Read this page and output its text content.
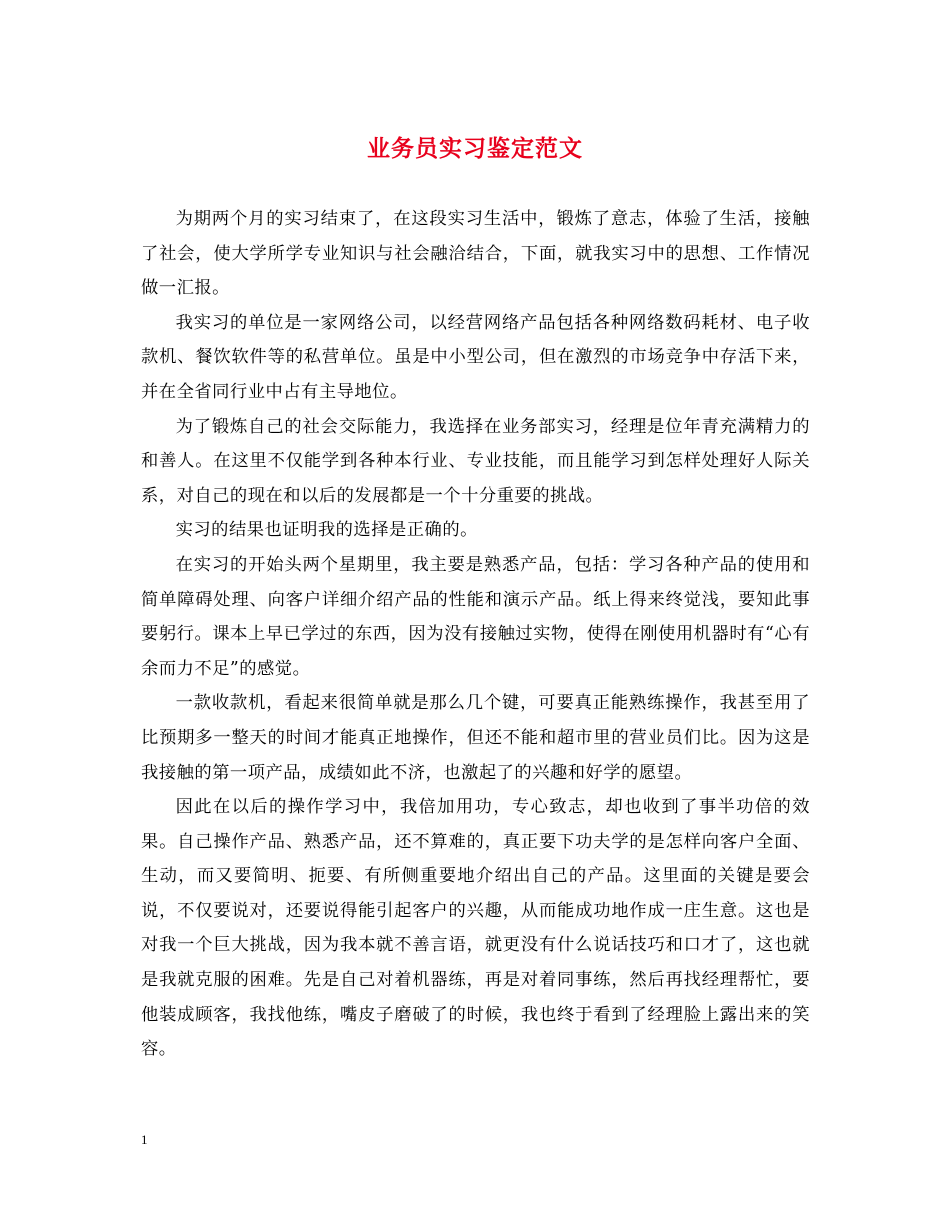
业务员实习鉴定范文

为期两个月的实习结束了，在这段实习生活中，锻炼了意志，体验了生活，接触了社会，使大学所学专业知识与社会融洽结合，下面，就我实习中的思想、工作情况做一汇报。

我实习的单位是一家网络公司，以经营网络产品包括各种网络数码耗材、电子收款机、餐饮软件等的私营单位。虽是中小型公司，但在激烈的市场竞争中存活下来，并在全省同行业中占有主导地位。

为了锻炼自己的社会交际能力，我选择在业务部实习，经理是位年青充满精力的和善人。在这里不仅能学到各种本行业、专业技能，而且能学习到怎样处理好人际关系，对自己的现在和以后的发展都是一个十分重要的挑战。

实习的结果也证明我的选择是正确的。

在实习的开始头两个星期里，我主要是熟悉产品，包括：学习各种产品的使用和简单障碍处理、向客户详细介绍产品的性能和演示产品。纸上得来终觉浅，要知此事要躬行。课本上早已学过的东西，因为没有接触过实物，使得在刚使用机器时有“心有余而力不足”的感觉。

一款收款机，看起来很简单就是那么几个键，可要真正能熟练操作，我甚至用了比预期多一整天的时间才能真正地操作，但还不能和超市里的营业员们比。因为这是我接触的第一项产品，成绩如此不济，也激起了的兴趣和好学的愿望。

因此在以后的操作学习中，我倍加用功，专心致志，却也收到了事半功倍的效果。自己操作产品、熟悉产品，还不算难的，真正要下功夫学的是怎样向客户全面、生动，而又要简明、扼要、有所侧重要地介绍出自己的产品。这里面的关键是要会说，不仅要说对，还要说得能引起客户的兴趣，从而能成功地作成一庄生意。这也是对我一个巨大挑战，因为我本就不善言语，就更没有什么说话技巧和口才了，这也就是我就克服的困难。先是自己对着机器练，再是对着同事练，然后再找经理帮忙，要他装成顾客，我找他练，嘴皮子磨破了的时候，我也终于看到了经理脸上露出来的笑容。

1
